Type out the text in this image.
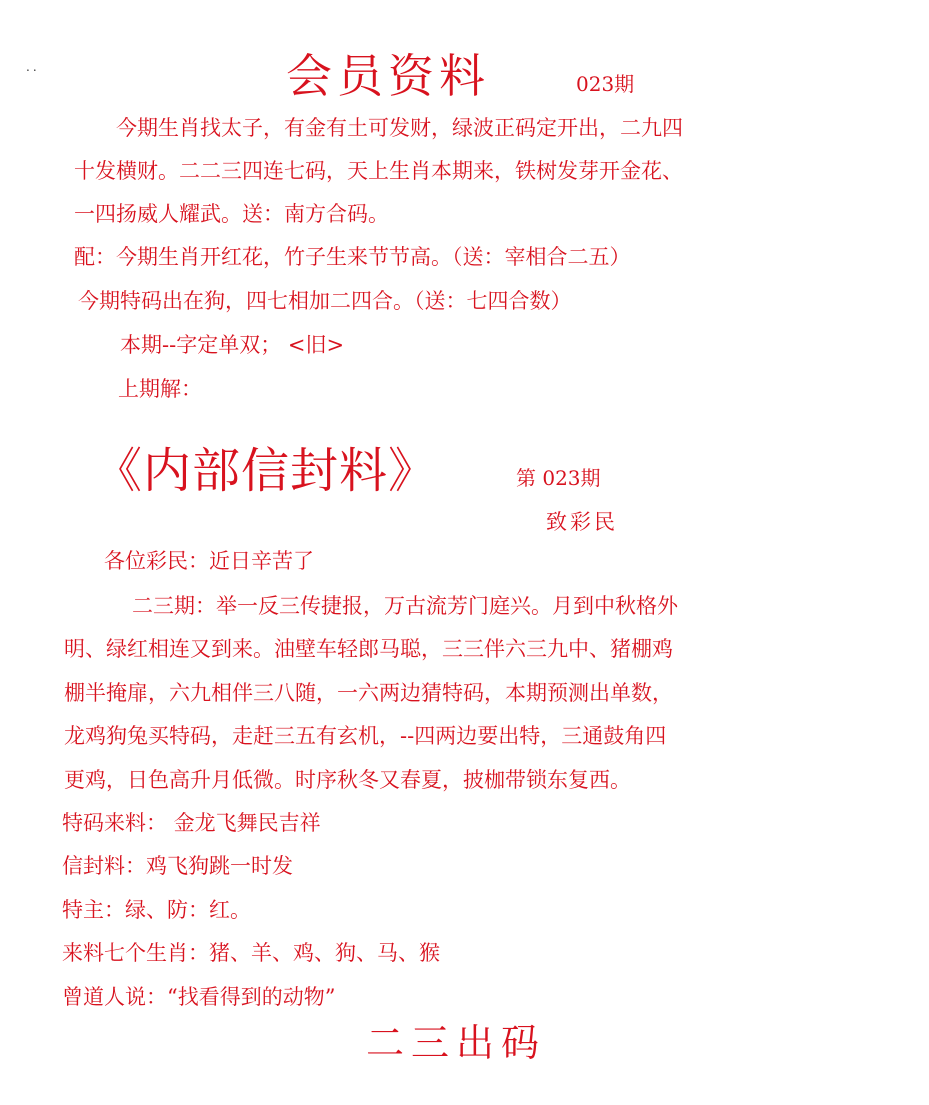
..	会员资料	023期
今期生肖找太子，有金有土可发财，绿波正码定开出，二九四
十发横财。二二三四连七码，天上生肖本期来，铁树发芽开金花、
一四扬威人耀武。送：南方合码。
配：今期生肖开红花，竹子生来节节高。（送：宰相合二五）
今期特码出在狗，四七相加二四合。（送：七四合数）
本期--字定单双； <旧>
上期解：
《内部信封料》	第 023期
致彩民
各位彩民：近日辛苦了
二三期：举一反三传捷报，万古流芳门庭兴。月到中秋格外
明、绿红相连又到来。油壁车轻郎马聪，三三伴六三九中、猪棚鸡
棚半掩扉，六九相伴三八随，一六两边猜特码，本期预测出单数，
龙鸡狗兔买特码，走赶三五有玄机，--四两边要出特，三通鼓角四
更鸡，日色高升月低微。时序秋冬又春夏，披枷带锁东复西。
特码来料： 金龙飞舞民吉祥
信封料：鸡飞狗跳一时发
特主：绿、防：红。
来料七个生肖：猪、羊、鸡、狗、马、猴
曾道人说：“找看得到的动物”
二三出码
